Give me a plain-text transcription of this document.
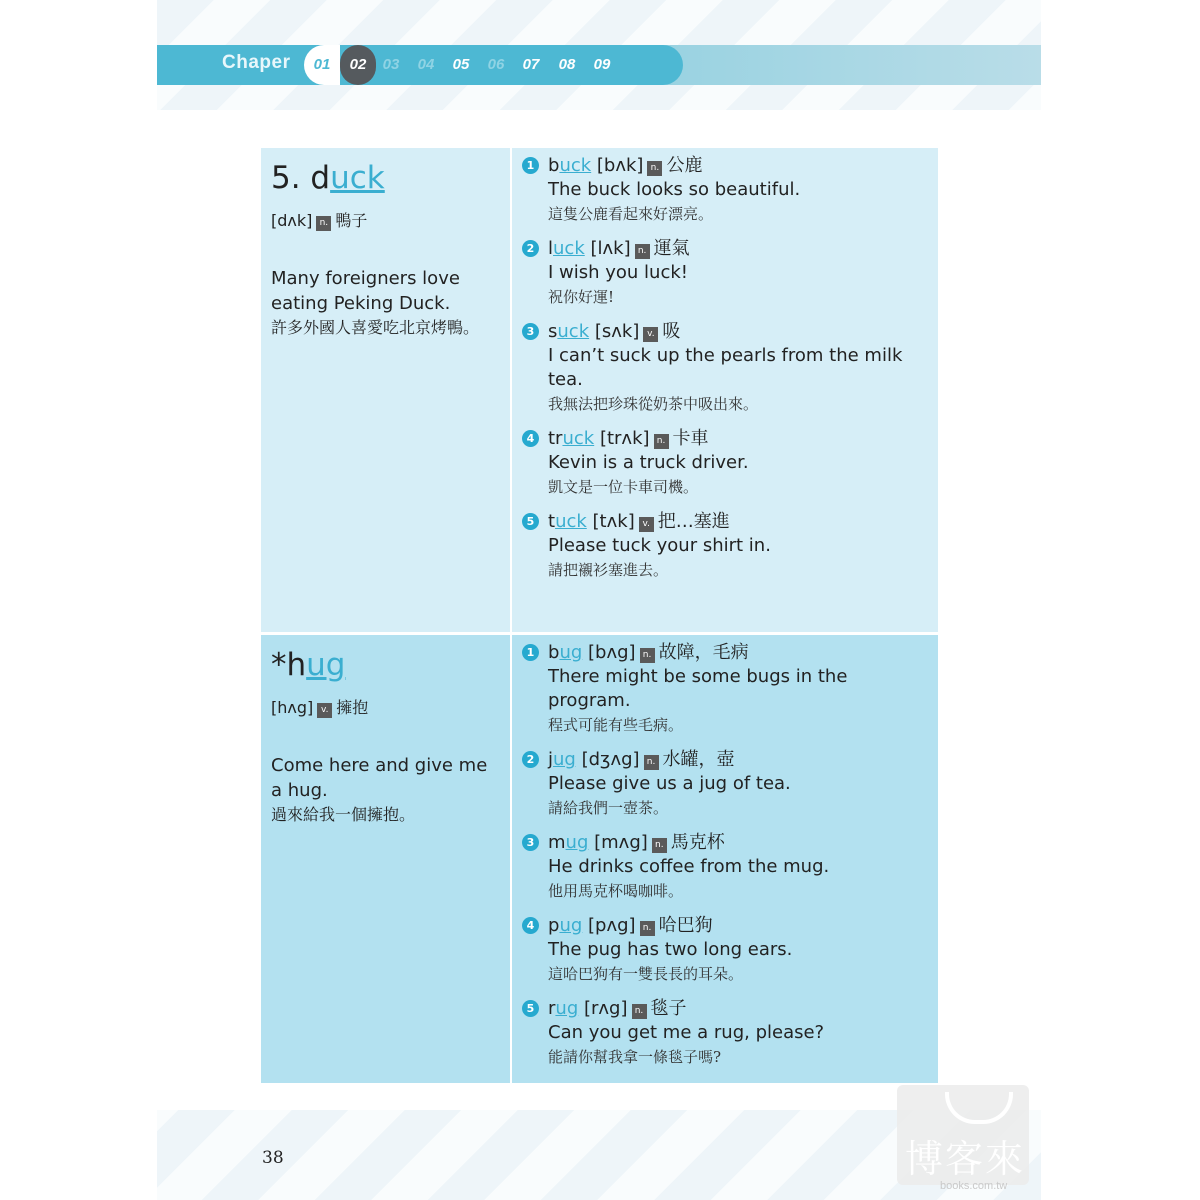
Chaper	01	02	03	04	05	06	07	08	09
5. duck
[dʌk] n. 鴨子
Many foreigners love eating Peking Duck.
許多外國人喜愛吃北京烤鴨。
1 buck [bʌk] n. 公鹿
The buck looks so beautiful.
這隻公鹿看起來好漂亮。
2 luck [lʌk] n. 運氣
I wish you luck!
祝你好運!
3 suck [sʌk] v. 吸
I can’t suck up the pearls from the milk tea.
我無法把珍珠從奶茶中吸出來。
4 truck [trʌk] n. 卡車
Kevin is a truck driver.
凱文是一位卡車司機。
5 tuck [tʌk] v. 把…塞進
Please tuck your shirt in.
請把襯衫塞進去。
*hug
[hʌg] v. 擁抱
Come here and give me a hug.
過來給我一個擁抱。
1 bug [bʌg] n. 故障，毛病
There might be some bugs in the program.
程式可能有些毛病。
2 jug [dʒʌg] n. 水罐，壺
Please give us a jug of tea.
請給我們一壺茶。
3 mug [mʌg] n. 馬克杯
He drinks coffee from the mug.
他用馬克杯喝咖啡。
4 pug [pʌg] n. 哈巴狗
The pug has two long ears.
這哈巴狗有一雙長長的耳朵。
5 rug [rʌg] n. 毯子
Can you get me a rug, please?
能請你幫我拿一條毯子嗎?
38	博客來
books.com.tw
